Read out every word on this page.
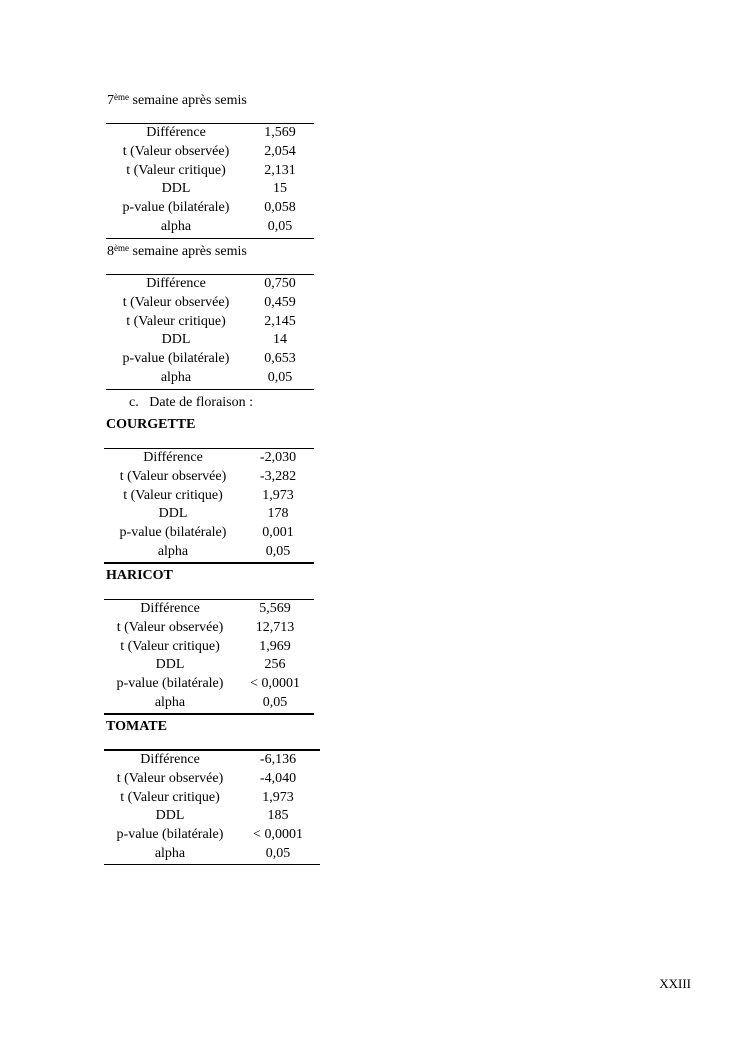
7ème semaine après semis
Différence	1,569
t (Valeur observée)	2,054
t (Valeur critique)	2,131
DDL	15
p-value (bilatérale)	0,058
alpha	0,05
8ème semaine après semis
Différence	0,750
t (Valeur observée)	0,459
t (Valeur critique)	2,145
DDL	14
p-value (bilatérale)	0,653
alpha	0,05
c.   Date de floraison :
COURGETTE
Différence	-2,030
t (Valeur observée)	-3,282
t (Valeur critique)	1,973
DDL	178
p-value (bilatérale)	0,001
alpha	0,05
HARICOT
Différence	5,569
t (Valeur observée)	12,713
t (Valeur critique)	1,969
DDL	256
p-value (bilatérale)	< 0,0001
alpha	0,05
TOMATE
Différence	-6,136
t (Valeur observée)	-4,040
t (Valeur critique)	1,973
DDL	185
p-value (bilatérale)	< 0,0001
alpha	0,05
XXIII
